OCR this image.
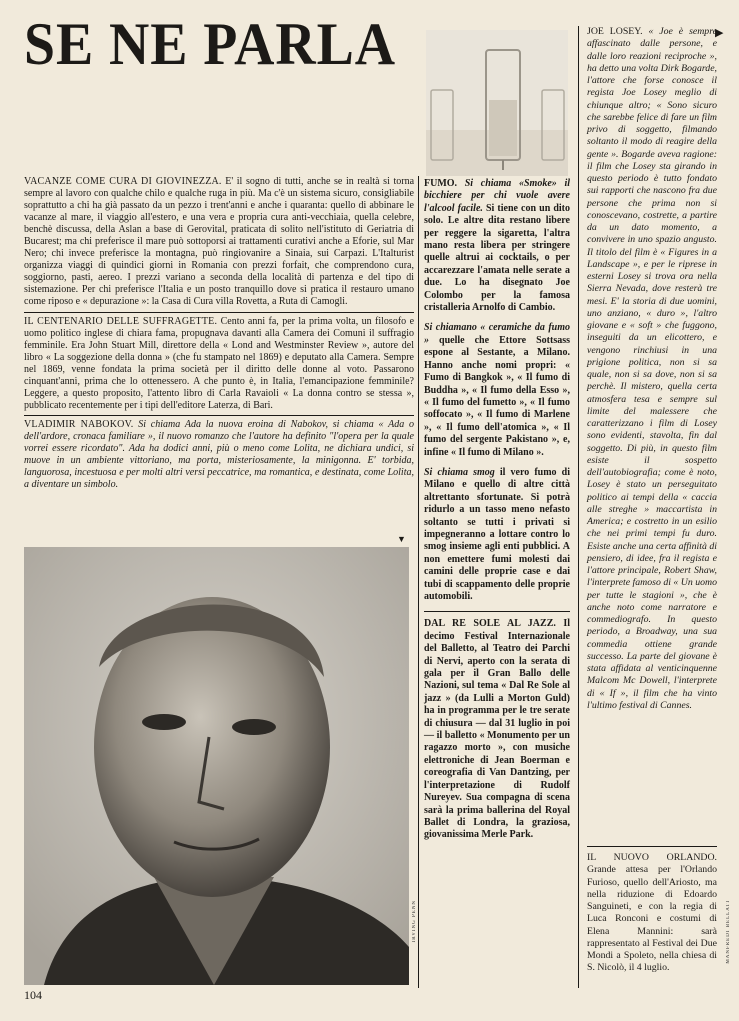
SE NE PARLA

VACANZE COME CURA DI GIOVINEZZA. E' il sogno di tutti, anche se in realtà si torna sempre al lavoro con qualche chilo e qualche ruga in più. Ma c'è un sistema sicuro, consigliabile soprattutto a chi ha già passato da un pezzo i trent'anni e anche i quaranta: quello di abbinare le vacanze al mare, il viaggio all'estero, e una vera e propria cura anti-vecchiaia, quella celebre, benchè discussa, della Aslan a base di Gerovital, praticata di solito nell'istituto di Geriatria di Bucarest; ma chi preferisce il mare può sottoporsi ai trattamenti curativi anche a Eforie, sul Mar Nero; chi invece preferisce la montagna, può ringiovanire a Sinaia, sui Carpazi. L'Italturist organizza viaggi di quindici giorni in Romania con prezzi forfait, che comprendono cura, soggiorno, pasti, aereo. I prezzi variano a seconda della località di partenza e del tipo di sistemazione. Per chi preferisce l'Italia e un posto tranquillo dove si pratica il restauro umano come riposo e « depurazione »: la Casa di Cura villa Rovetta, a Ruta di Camogli.

IL CENTENARIO DELLE SUFFRAGETTE. Cento anni fa, per la prima volta, un filosofo e uomo politico inglese di chiara fama, propugnava davanti alla Camera dei Comuni il suffragio femminile. Era John Stuart Mill, direttore della « Lond and Westminster Review », autore del libro « La soggezione della donna » (che fu stampato nel 1869) e deputato alla Camera. Sempre nel 1869, venne fondata la prima società per il diritto delle donne al voto. Passarono cinquant'anni, prima che lo ottenessero. A che punto è, in Italia, l'emancipazione femminile? Leggere, a questo proposito, l'attento libro di Carla Ravaioli « La donna contro se stessa », pubblicato recentemente per i tipi dell'editore Laterza, di Bari.

VLADIMIR NABOKOV. Si chiama Ada la nuova eroina di Nabokov, si chiama « Ada o dell'ardore, cronaca familiare », il nuovo romanzo che l'autore ha definito "l'opera per la quale vorrei essere ricordato". Ada ha dodici anni, più o meno come Lolita, ne dichiara undici, si muove in un ambiente vittoriano, ma porta, misteriosamente, la minigonna. E' torbida, languorosa, incestuosa e per molti altri versi peccatrice, ma romantica, e destinata, come Lolita, a diventare un simbolo.

▼
IRVING PENN

FUMO. Si chiama «Smoke» il bicchiere per chi vuole avere l'alcool facile. Si tiene con un dito solo. Le altre dita restano libere per reggere la sigaretta, l'altra mano resta libera per stringere quelle altrui ai cocktails, o per accarezzare l'amata nelle serate a due. Lo ha disegnato Joe Colombo per la famosa cristalleria Arnolfo di Cambio.

Si chiamano « ceramiche da fumo » quelle che Ettore Sottsass espone al Sestante, a Milano. Hanno anche nomi propri: « Fumo di Bangkok », « Il fumo di Buddha », « Il fumo della Esso », « Il fumo del fumetto », « Il fumo soffocato », « Il fumo di Marlene », « Il fumo dell'atomica », « Il fumo del sergente Pakistano », e, infine « Il fumo di Milano ».

Si chiama smog il vero fumo di Milano e quello di altre città altrettanto sfortunate. Si potrà ridurlo a un tasso meno nefasto soltanto se tutti i privati si impegneranno a lottare contro lo smog insieme agli enti pubblici. A non emettere fumi molesti dai camini delle proprie case e dai tubi di scappamento delle proprie automobili.

DAL RE SOLE AL JAZZ. Il decimo Festival Internazionale del Balletto, al Teatro dei Parchi di Nervi, aperto con la serata di gala per il Gran Ballo delle Nazioni, sul tema « Dal Re Sole al jazz » (da Lulli a Morton Guld) ha in programma per le tre serate di chiusura — dal 31 luglio in poi — il balletto « Monumento per un ragazzo morto », con musiche elettroniche di Jean Boerman e coreografia di Van Dantzing, per l'interpretazione di Rudolf Nureyev. Sua compagna di scena sarà la prima ballerina del Royal Ballet di Londra, la graziosa, giovanissima Merle Park.

JOE LOSEY. « Joe è sempre affascinato dalle persone, e dalle loro reazioni reciproche », ha detto una volta Dirk Bogarde, l'attore che forse conosce il regista Joe Losey meglio di chiunque altro; « Sono sicuro che sarebbe felice di fare un film privo di soggetto, filmando soltanto il modo di reagire della gente ». Bogarde aveva ragione: il film che Losey sta girando in questo periodo è tutto fondato sui rapporti che nascono fra due persone che prima non si conoscevano, costrette, a partire da un dato momento, a convivere in uno spazio angusto. Il titolo del film è « Figures in a Landscape », e per le riprese in esterni Losey si trova ora nella Sierra Nevada, dove resterà tre mesi. E' la storia di due uomini, uno anziano, « duro », l'altro giovane e « soft » che fuggono, inseguiti da un elicottero, e vengono rinchiusi in una prigione politica, non si sa quale, non si sa dove, non si sa perchè. Il mistero, quella certa atmosfera tesa e sempre sul limite del malessere che caratterizzano i film di Losey sono evidenti, stavolta, fin dal soggetto. Di più, in questo film esiste il sospetto dell'autobiografia; come è noto, Losey è stato un perseguitato politico ai tempi della « caccia alle streghe » maccartista in America; e costretto in un esilio che nei primi tempi fu duro. Esiste anche una certa affinità di pensiero, di idee, fra il regista e l'attore principale, Robert Shaw, l'interprete famoso di « Un uomo per tutte le stagioni », che è anche noto come narratore e commediografo. In questo periodo, a Broadway, una sua commedia ottiene grande successo. La parte del giovane è stata affidata al venticinquenne Malcom Mc Dowell, l'interprete di « If », il film che ha vinto l'ultimo festival di Cannes.

▶

IL NUOVO ORLANDO. Grande attesa per l'Orlando Furioso, quello dell'Ariosto, ma nella riduzione di Edoardo Sanguineti, e con la regia di Luca Ronconi e costumi di Elena Mannini: sarà rappresentato al Festival dei Due Mondi a Spoleto, nella chiesa di S. Nicolò, il 4 luglio.

MANFREDI BELLATI
104
